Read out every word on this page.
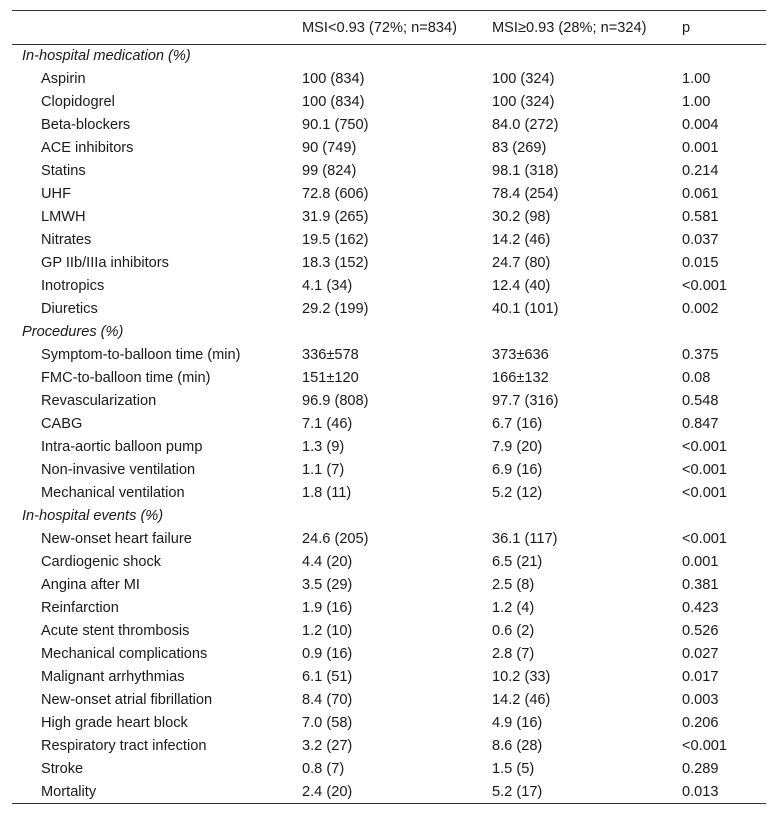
	MSI<0.93 (72%; n=834)	MSI≥0.93 (28%; n=324)	p
In-hospital medication (%)			
Aspirin	100 (834)	100 (324)	1.00
Clopidogrel	100 (834)	100 (324)	1.00
Beta-blockers	90.1 (750)	84.0 (272)	0.004
ACE inhibitors	90 (749)	83 (269)	0.001
Statins	99 (824)	98.1 (318)	0.214
UHF	72.8 (606)	78.4 (254)	0.061
LMWH	31.9 (265)	30.2 (98)	0.581
Nitrates	19.5 (162)	14.2 (46)	0.037
GP IIb/IIIa inhibitors	18.3 (152)	24.7 (80)	0.015
Inotropics	4.1 (34)	12.4 (40)	<0.001
Diuretics	29.2 (199)	40.1 (101)	0.002
Procedures (%)			
Symptom-to-balloon time (min)	336±578	373±636	0.375
FMC-to-balloon time (min)	151±120	166±132	0.08
Revascularization	96.9 (808)	97.7 (316)	0.548
CABG	7.1 (46)	6.7 (16)	0.847
Intra-aortic balloon pump	1.3 (9)	7.9 (20)	<0.001
Non-invasive ventilation	1.1 (7)	6.9 (16)	<0.001
Mechanical ventilation	1.8 (11)	5.2 (12)	<0.001
In-hospital events (%)			
New-onset heart failure	24.6 (205)	36.1 (117)	<0.001
Cardiogenic shock	4.4 (20)	6.5 (21)	0.001
Angina after MI	3.5 (29)	2.5 (8)	0.381
Reinfarction	1.9 (16)	1.2 (4)	0.423
Acute stent thrombosis	1.2 (10)	0.6 (2)	0.526
Mechanical complications	0.9 (16)	2.8 (7)	0.027
Malignant arrhythmias	6.1 (51)	10.2 (33)	0.017
New-onset atrial fibrillation	8.4 (70)	14.2 (46)	0.003
High grade heart block	7.0 (58)	4.9 (16)	0.206
Respiratory tract infection	3.2 (27)	8.6 (28)	<0.001
Stroke	0.8 (7)	1.5 (5)	0.289
Mortality	2.4 (20)	5.2 (17)	0.013
